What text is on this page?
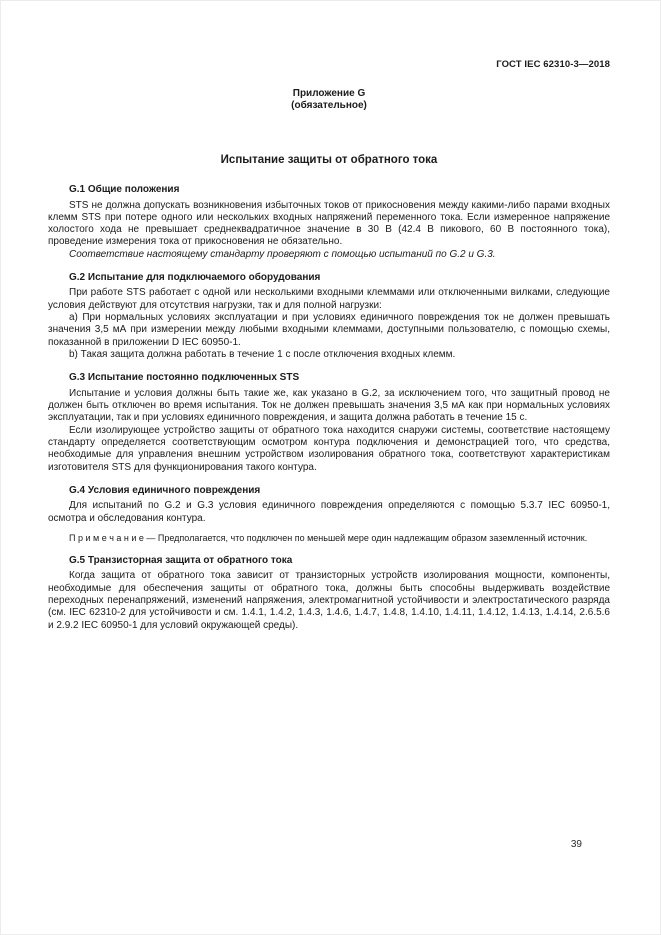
ГОСТ IEC 62310-3—2018
Приложение G
(обязательное)
Испытание защиты от обратного тока
G.1 Общие положения

STS не должна допускать возникновения избыточных токов от прикосновения между какими-либо парами входных клемм STS при потере одного или нескольких входных напряжений переменного тока. Если измеренное напряжение холостого хода не превышает среднеквадратичное значение в 30 В (42.4 В пикового, 60 В постоянного тока), проведение измерения тока от прикосновения не обязательно.

Соответствие настоящему стандарту проверяют с помощью испытаний по G.2 и G.3.

G.2 Испытание для подключаемого оборудования

При работе STS работает с одной или несколькими входными клеммами или отключенными вилками, следующие условия действуют для отсутствия нагрузки, так и для полной нагрузки:

а) При нормальных условиях эксплуатации и при условиях единичного повреждения ток не должен превышать значения 3,5 мА при измерении между любыми входными клеммами, доступными пользователю, с помощью схемы, показанной в приложении D IEC 60950-1.

b) Такая защита должна работать в течение 1 с после отключения входных клемм.

G.3 Испытание постоянно подключенных STS

Испытание и условия должны быть такие же, как указано в G.2, за исключением того, что защитный провод не должен быть отключен во время испытания. Ток не должен превышать значения 3,5 мА как при нормальных условиях эксплуатации, так и при условиях единичного повреждения, и защита должна работать в течение 15 с.

Если изолирующее устройство защиты от обратного тока находится снаружи системы, соответствие настоящему стандарту определяется соответствующим осмотром контура подключения и демонстрацией того, что средства, необходимые для управления внешним устройством изолирования обратного тока, соответствуют характеристикам изготовителя STS для функционирования такого контура.

G.4 Условия единичного повреждения

Для испытаний по G.2 и G.3 условия единичного повреждения определяются с помощью 5.3.7 IEC 60950-1, осмотра и обследования контура.

П р и м е ч а н и е — Предполагается, что подключен по меньшей мере один надлежащим образом заземленный источник.

G.5 Транзисторная защита от обратного тока

Когда защита от обратного тока зависит от транзисторных устройств изолирования мощности, компоненты, необходимые для обеспечения защиты от обратного тока, должны быть способны выдерживать воздействие переходных перенапряжений, изменений напряжения, электромагнитной устойчивости и электростатического разряда (см. IEC 62310-2 для устойчивости и см. 1.4.1, 1.4.2, 1.4.3, 1.4.6, 1.4.7, 1.4.8, 1.4.10, 1.4.11, 1.4.12, 1.4.13, 1.4.14, 2.6.5.6 и 2.9.2 IEC 60950-1 для условий окружающей среды).

39
